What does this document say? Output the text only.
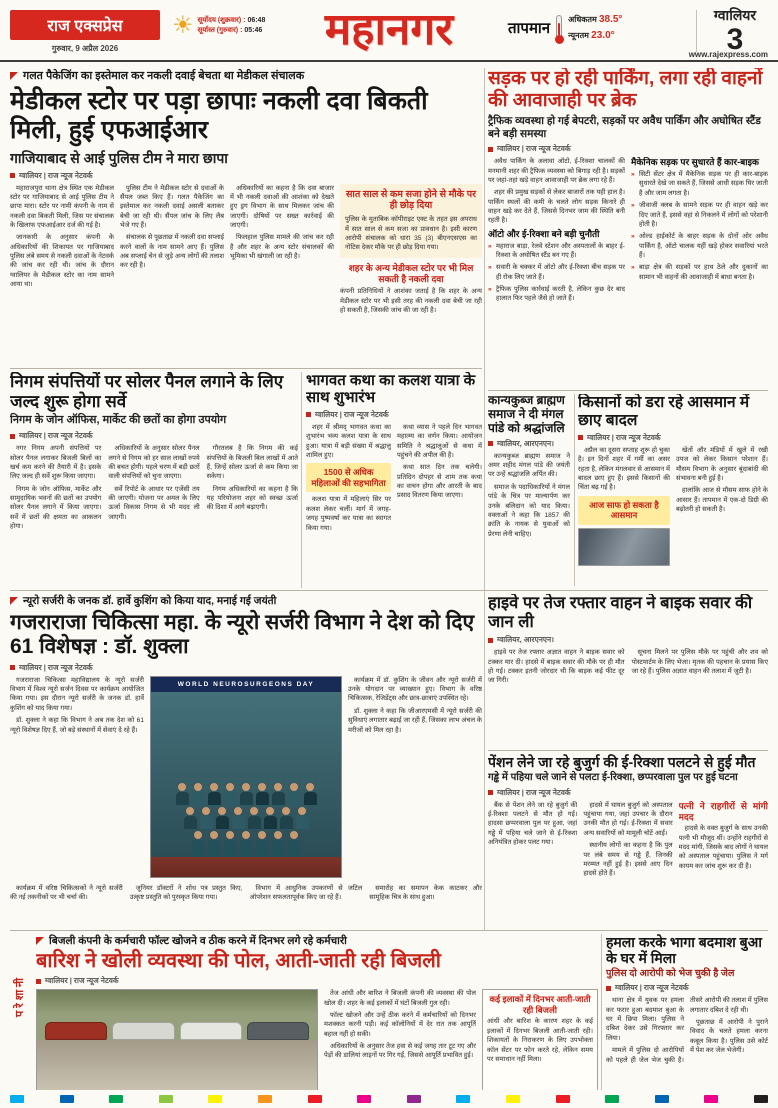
राज एक्सप्रेस
गुरुवार, 9 अप्रैल 2026
☀ सूर्योदय (शुक्रवार) : 06:48
सूर्यास्त (गुरुवार) : 05:46	महानगर	तापमान
अधिकतम 38.5°
न्यूनतम 23.0°
ग्वालियर
3
www.rajexpress.com
गलत पैकेजिंग का इस्तेमाल कर नकली दवाई बेचता था मेडीकल संचालक
मेडीकल स्टोर पर पड़ा छापाः नकली दवा बिकती मिली, हुई एफआईआर

गाजियाबाद से आई पुलिस टीम ने मारा छापा

ग्वालियर | राज न्यूज नेटवर्क

महाराजपुरा थाना क्षेत्र स्थित एक मेडीकल स्टोर पर गाजियाबाद से आई पुलिस टीम ने छापा मारा। स्टोर पर नामी कंपनी के नाम से नकली दवा बिकती मिली, जिस पर संचालक के खिलाफ एफआईआर दर्ज की गई है।

जानकारी के अनुसार कंपनी के अधिकारियों की शिकायत पर गाजियाबाद पुलिस लंबे समय से नकली दवाओं के नेटवर्क की जांच कर रही थी। जांच के दौरान ग्वालियर के मेडीकल स्टोर का नाम सामने आया था।

पुलिस टीम ने मेडीकल स्टोर से दवाओं के सैंपल जब्त किए हैं। गलत पैकेजिंग का इस्तेमाल कर नकली दवाई असली बताकर बेची जा रही थी। सैंपल जांच के लिए लैब भेजे गए हैं।

संचालक से पूछताछ में नकली दवा सप्लाई करने वालों के नाम सामने आए हैं। पुलिस अब सप्लाई चेन से जुड़े अन्य लोगों की तलाश कर रही है।

अधिकारियों का कहना है कि दवा बाजार में भी नकली दवाओं की आशंका को देखते हुए ड्रग विभाग के साथ मिलकर जांच की जाएगी। दोषियों पर सख्त कार्रवाई की जाएगी।

फिलहाल पुलिस मामले की जांच कर रही है और शहर के अन्य स्टोर संचालकों की भूमिका भी खंगाली जा रही है।

सात साल से कम सजा होने से मौके पर ही छोड़ दिया
पुलिस के मुताबिक कॉपीराइट एक्ट के तहत इस अपराध में सात साल से कम सजा का प्रावधान है। इसी कारण आरोपी संचालक को धारा 35 (3) बीएनएसएस का नोटिस देकर मौके पर ही छोड़ दिया गया।
शहर के अन्य मेडीकल स्टोर पर भी मिल सकती है नकली दवा
कंपनी प्रतिनिधियों ने आशंका जताई है कि शहर के अन्य मेडीकल स्टोर पर भी इसी तरह की नकली दवा बेची जा रही हो सकती है, जिसकी जांच की जा रही है।
सड़क पर हो रही पार्किंग, लगा रही वाहनों की आवाजाही पर ब्रेक

ट्रैफिक व्यवस्था हो गई बेपटरी, सड़कों पर अवैध पार्किंग और अघोषित स्टैंड बने बड़ी समस्या

ग्वालियर | राज न्यूज नेटवर्क

अवैध पार्किंग के अलावा ऑटो, ई-रिक्शा चालकों की मनमानी शहर की ट्रैफिक व्यवस्था को बिगाड़ रही है। सड़कों पर जहां-तहां खड़े वाहन आवाजाही पर ब्रेक लगा रहे हैं।

शहर की प्रमुख सड़कों से लेकर बाजारों तक यही हाल है। पार्किंग स्थलों की कमी के चलते लोग सड़क किनारे ही वाहन खड़े कर देते हैं, जिससे दिनभर जाम की स्थिति बनी रहती है।

ऑटो और ई-रिक्शा बने बड़ी चुनौती
» महाराज बाड़ा, रेलवे स्टेशन और अस्पतालों के बाहर ई-रिक्शा के अघोषित स्टैंड बन गए हैं।
» सवारी के चक्कर में ऑटो और ई-रिक्शा बीच सड़क पर ही रोक लिए जाते हैं।
» ट्रैफिक पुलिस कार्रवाई करती है, लेकिन कुछ देर बाद हालात फिर पहले जैसे हो जाते हैं।
मैकेनिक सड़क पर सुधारते हैं कार-बाइक
» सिटी सेंटर क्षेत्र में मैकेनिक सड़क पर ही कार-बाइक सुधारते देखे जा सकते हैं, जिससे आधी सड़क घिर जाती है और जाम लगता है।
» जीवाजी क्लब के सामने सड़क पर ही वाहन खड़े कर दिए जाते हैं, इससे वहां से निकलने में लोगों को परेशानी होती है।
» ओल्ड हाईकोर्ट के बाहर सड़क के दोनों ओर अवैध पार्किंग है, ऑटो चालक यहीं खड़े होकर सवारियां भरते हैं।
» बाड़ा क्षेत्र की सड़कों पर हाथ ठेले और दुकानों का सामान भी वाहनों की आवाजाही में बाधा बनता है।
निगम संपत्तियों पर सोलर पैनल लगाने के लिए जल्द शुरू होगा सर्वे

निगम के जोन ऑफिस, मार्केट की छतों का होगा उपयोग

ग्वालियर | राज न्यूज नेटवर्क

नगर निगम अपनी संपत्तियों पर सोलर पैनल लगाकर बिजली बिलों का खर्च कम करने की तैयारी में है। इसके लिए जल्द ही सर्वे शुरू किया जाएगा।

निगम के जोन ऑफिस, मार्केट और सामुदायिक भवनों की छतों का उपयोग सोलर पैनल लगाने में किया जाएगा। सर्वे में छतों की क्षमता का आकलन होगा।

अधिकारियों के अनुसार सोलर पैनल लगने से निगम को हर साल लाखों रुपये की बचत होगी। पहले चरण में बड़ी छतों वाली संपत्तियों को चुना जाएगा।

सर्वे रिपोर्ट के आधार पर एजेंसी तय की जाएगी। योजना पर अमल के लिए ऊर्जा विकास निगम से भी मदद ली जाएगी।

गौरतलब है कि निगम की कई संपत्तियों के बिजली बिल लाखों में आते हैं, जिन्हें सोलर ऊर्जा से कम किया जा सकेगा।

निगम अधिकारियों का कहना है कि यह परियोजना शहर को स्वच्छ ऊर्जा की दिशा में आगे बढ़ाएगी।

भागवत कथा का कलश यात्रा के साथ शुभारंभ
ग्वालियर | राज न्यूज नेटवर्क

शहर में श्रीमद् भागवत कथा का शुभारंभ भव्य कलश यात्रा के साथ हुआ। यात्रा में बड़ी संख्या में श्रद्धालु शामिल हुए।

1500 से अधिक महिलाओं की सहभागिता

कलश यात्रा में महिलाएं सिर पर कलश लेकर चलीं। मार्ग में जगह-जगह पुष्पवर्षा कर यात्रा का स्वागत किया गया।

कथा व्यास ने पहले दिन भागवत महात्म्य का वर्णन किया। आयोजन समिति ने श्रद्धालुओं से कथा में पहुंचने की अपील की है।

कथा सात दिन तक चलेगी। प्रतिदिन दोपहर से शाम तक कथा का वाचन होगा और आरती के बाद प्रसाद वितरण किया जाएगा।

कान्यकुब्ज ब्राह्मण समाज ने दी मंगल पांडे को श्रद्धांजलि
ग्वालियर, आरएनएन।

कान्यकुब्ज ब्राह्मण समाज ने अमर शहीद मंगल पांडे की जयंती पर उन्हें श्रद्धांजलि अर्पित की।

समाज के पदाधिकारियों ने मंगल पांडे के चित्र पर माल्यार्पण कर उनके बलिदान को याद किया। वक्ताओं ने कहा कि 1857 की क्रांति के नायक से युवाओं को प्रेरणा लेनी चाहिए।

किसानों को डरा रहे आसमान में छाए बादल
ग्वालियर | राज न्यूज नेटवर्क

अप्रैल का दूसरा सप्ताह शुरू हो चुका है। इन दिनों शहर में गर्मी का असर रहता है, लेकिन मंगलवार से आसमान में बादल छाए हुए हैं। इससे किसानों की चिंता बढ़ गई है।

आज साफ हो सकता है आसमान

खेतों और मंडियों में खुले में रखी उपज को लेकर किसान परेशान हैं। मौसम विभाग के अनुसार बूंदाबांदी की संभावना बनी हुई है।

हालांकि आज से मौसम साफ होने के आसार हैं। तापमान में एक-दो डिग्री की बढ़ोतरी हो सकती है।

न्यूरो सर्जरी के जनक डॉ. हार्वे कुशिंग को किया याद, मनाई गई जयंती
गजराराजा चिकित्सा महा. के न्यूरो सर्जरी विभाग ने देश को दिए 61 विशेषज्ञ : डॉ. शुक्ला
ग्वालियर | राज न्यूज नेटवर्क

गजराराजा चिकित्सा महाविद्यालय के न्यूरो सर्जरी विभाग में विश्व न्यूरो सर्जन दिवस पर कार्यक्रम आयोजित किया गया। इस दौरान न्यूरो सर्जरी के जनक डॉ. हार्वे कुशिंग को याद किया गया।

डॉ. शुक्ला ने कहा कि विभाग ने अब तक देश को 61 न्यूरो विशेषज्ञ दिए हैं, जो बड़े संस्थानों में सेवाएं दे रहे हैं।

WORLD NEUROSURGEONS DAY

कार्यक्रम में डॉ. कुशिंग के जीवन और न्यूरो सर्जरी में उनके योगदान पर व्याख्यान हुए। विभाग के वरिष्ठ चिकित्सक, रेजिडेंट्स और छात्र-छात्राएं उपस्थित रहे।

डॉ. शुक्ला ने कहा कि जीआरएमसी में न्यूरो सर्जरी की सुविधाएं लगातार बढ़ाई जा रही हैं, जिसका लाभ अंचल के मरीजों को मिल रहा है।

कार्यक्रम में वरिष्ठ चिकित्सकों ने न्यूरो सर्जरी की नई तकनीकों पर भी चर्चा की।

जूनियर डॉक्टरों ने शोध पत्र प्रस्तुत किए, उत्कृष्ट प्रस्तुति को पुरस्कृत किया गया।

विभाग में आधुनिक उपकरणों से जटिल ऑपरेशन सफलतापूर्वक किए जा रहे हैं।

समारोह का समापन केक काटकर और सामूहिक चित्र के साथ हुआ।

हाइवे पर तेज रफ्तार वाहन ने बाइक सवार की जान ली
ग्वालियर, आरएनएन।

हाइवे पर तेज रफ्तार अज्ञात वाहन ने बाइक सवार को टक्कर मार दी। हादसे में बाइक सवार की मौके पर ही मौत हो गई। टक्कर इतनी जोरदार थी कि बाइक कई फीट दूर जा गिरी।

सूचना मिलने पर पुलिस मौके पर पहुंची और शव को पोस्टमार्टम के लिए भेजा। मृतक की पहचान के प्रयास किए जा रहे हैं। पुलिस अज्ञात वाहन की तलाश में जुटी है।

पेंशन लेने जा रहे बुजुर्ग की ई-रिक्शा पलटने से हुई मौत

गड्ढे में पहिया चले जाने से पलटा ई-रिक्शा, छप्परवाला पुल पर हुई घटना

ग्वालियर | राज न्यूज नेटवर्क

बैंक से पेंशन लेने जा रहे बुजुर्ग की ई-रिक्शा पलटने से मौत हो गई। हादसा छप्परवाला पुल पर हुआ, जहां गड्ढे में पहिया चले जाने से ई-रिक्शा अनियंत्रित होकर पलट गया।

हादसे में घायल बुजुर्ग को अस्पताल पहुंचाया गया, जहां उपचार के दौरान उनकी मौत हो गई। ई-रिक्शा में सवार अन्य सवारियों को मामूली चोटें आईं।

स्थानीय लोगों का कहना है कि पुल पर लंबे समय से गड्ढे हैं, जिनकी मरम्मत नहीं हुई है। इससे आए दिन हादसे होते हैं।

पत्नी ने राहगीरों से मांगी मदद

हादसे के वक्त बुजुर्ग के साथ उनकी पत्नी भी मौजूद थीं। उन्होंने राहगीरों से मदद मांगी, जिसके बाद लोगों ने घायल को अस्पताल पहुंचाया। पुलिस ने मर्ग कायम कर जांच शुरू कर दी है।

परेशानी
बिजली कंपनी के कर्मचारी फॉल्ट खोजने व ठीक करने में दिनभर लगे रहे कर्मचारी
बारिश ने खोली व्यवस्था की पोल, आती-जाती रही बिजली
ग्वालियर | राज न्यूज नेटवर्क

तेज आंधी और बारिश ने बिजली कंपनी की व्यवस्था की पोल खोल दी। शहर के कई इलाकों में घंटों बिजली गुल रही।

फॉल्ट खोजने और उन्हें ठीक करने में कर्मचारियों को दिनभर मशक्कत करनी पड़ी। कई कॉलोनियों में देर रात तक आपूर्ति बहाल नहीं हो सकी।

अधिकारियों के अनुसार तेज हवा से कई जगह तार टूट गए और पेड़ों की डालियां लाइनों पर गिर गईं, जिससे आपूर्ति प्रभावित हुई।

कई इलाकों में दिनभर आती-जाती रही बिजली
आंधी और बारिश के कारण शहर के कई इलाकों में दिनभर बिजली आती-जाती रही। शिकायतों के निराकरण के लिए उपभोक्ता कॉल सेंटर पर फोन करते रहे, लेकिन समय पर समाधान नहीं मिला।
हमला करके भागा बदमाश बुआ के घर में मिला

पुलिस दो आरोपी को भेज चुकी है जेल

ग्वालियर | राज न्यूज नेटवर्क

थाना क्षेत्र में युवक पर हमला कर फरार हुआ बदमाश बुआ के घर में छिपा मिला। पुलिस ने दबिश देकर उसे गिरफ्तार कर लिया।

मामले में पुलिस दो आरोपियों को पहले ही जेल भेज चुकी है। तीसरे आरोपी की तलाश में पुलिस लगातार दबिश दे रही थी।

पूछताछ में आरोपी ने पुराने विवाद के चलते हमला करना कबूल किया है। पुलिस उसे कोर्ट में पेश कर जेल भेजेगी।
